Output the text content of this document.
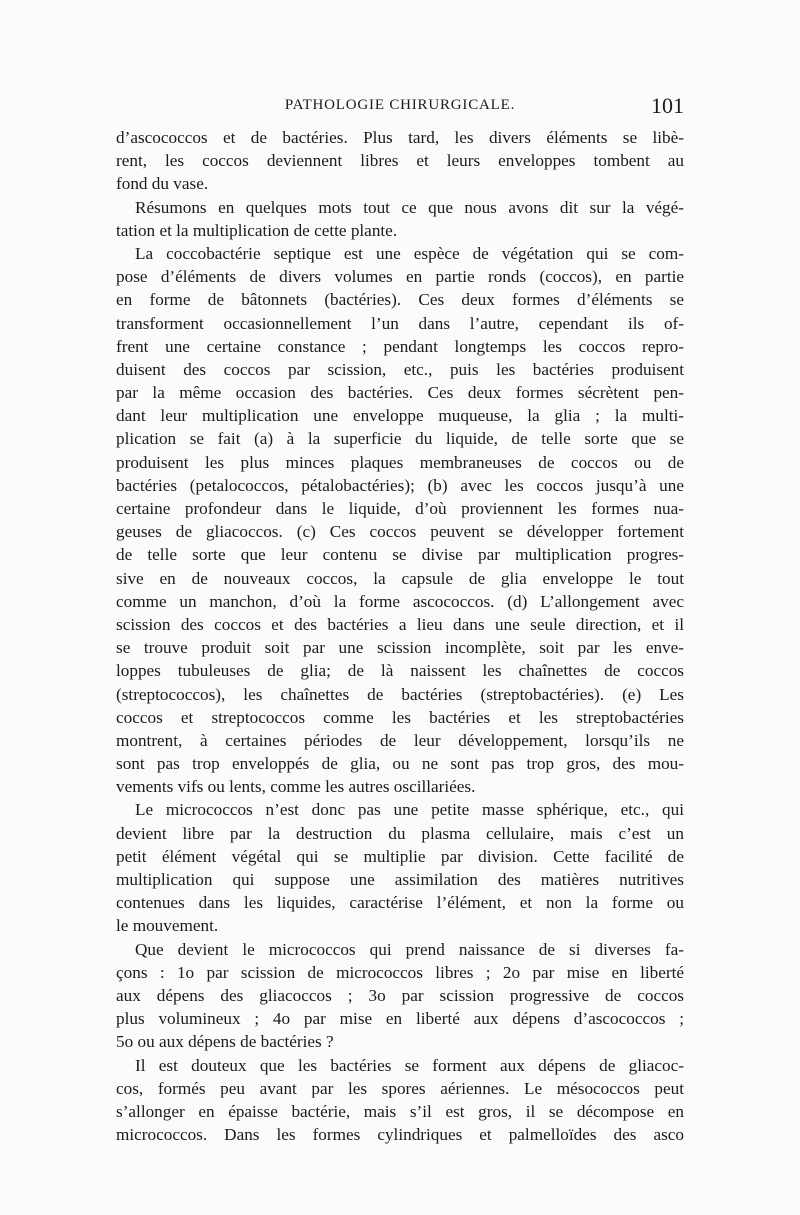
PATHOLOGIE CHIRURGICALE.	101
d’ascococcos et de bactéries. Plus tard, les divers éléments se libè-
rent, les coccos deviennent libres et leurs enveloppes tombent au
fond du vase.
Résumons en quelques mots tout ce que nous avons dit sur la végé-
tation et la multiplication de cette plante.
La coccobactérie septique est une espèce de végétation qui se com-
pose d’éléments de divers volumes en partie ronds (coccos), en partie
en forme de bâtonnets (bactéries). Ces deux formes d’éléments se
transforment occasionnellement l’un dans l’autre, cependant ils of-
frent une certaine constance ; pendant longtemps les coccos repro-
duisent des coccos par scission, etc., puis les bactéries produisent
par la même occasion des bactéries. Ces deux formes sécrètent pen-
dant leur multiplication une enveloppe muqueuse, la glia ; la multi-
plication se fait (a) à la superficie du liquide, de telle sorte que se
produisent les plus minces plaques membraneuses de coccos ou de
bactéries (petalococcos, pétalobactéries); (b) avec les coccos jusqu’à une
certaine profondeur dans le liquide, d’où proviennent les formes nua-
geuses de gliacoccos. (c) Ces coccos peuvent se développer fortement
de telle sorte que leur contenu se divise par multiplication progres-
sive en de nouveaux coccos, la capsule de glia enveloppe le tout
comme un manchon, d’où la forme ascococcos. (d) L’allongement avec
scission des coccos et des bactéries a lieu dans une seule direction, et il
se trouve produit soit par une scission incomplète, soit par les enve-
loppes tubuleuses de glia; de là naissent les chaînettes de coccos
(streptococcos), les chaînettes de bactéries (streptobactéries). (e) Les
coccos et streptococcos comme les bactéries et les streptobactéries
montrent, à certaines périodes de leur développement, lorsqu’ils ne
sont pas trop enveloppés de glia, ou ne sont pas trop gros, des mou-
vements vifs ou lents, comme les autres oscillariées.
Le micrococcos n’est donc pas une petite masse sphérique, etc., qui
devient libre par la destruction du plasma cellulaire, mais c’est un
petit élément végétal qui se multiplie par division. Cette facilité de
multiplication qui suppose une assimilation des matières nutritives
contenues dans les liquides, caractérise l’élément, et non la forme ou
le mouvement.
Que devient le micrococcos qui prend naissance de si diverses fa-
çons : 1o par scission de micrococcos libres ; 2o par mise en liberté
aux dépens des gliacoccos ; 3o par scission progressive de coccos
plus volumineux ; 4o par mise en liberté aux dépens d’ascococcos ;
5o ou aux dépens de bactéries ?
Il est douteux que les bactéries se forment aux dépens de gliacoc-
cos, formés peu avant par les spores aériennes. Le mésococcos peut
s’allonger en épaisse bactérie, mais s’il est gros, il se décompose en
micrococcos. Dans les formes cylindriques et palmelloïdes des asco
